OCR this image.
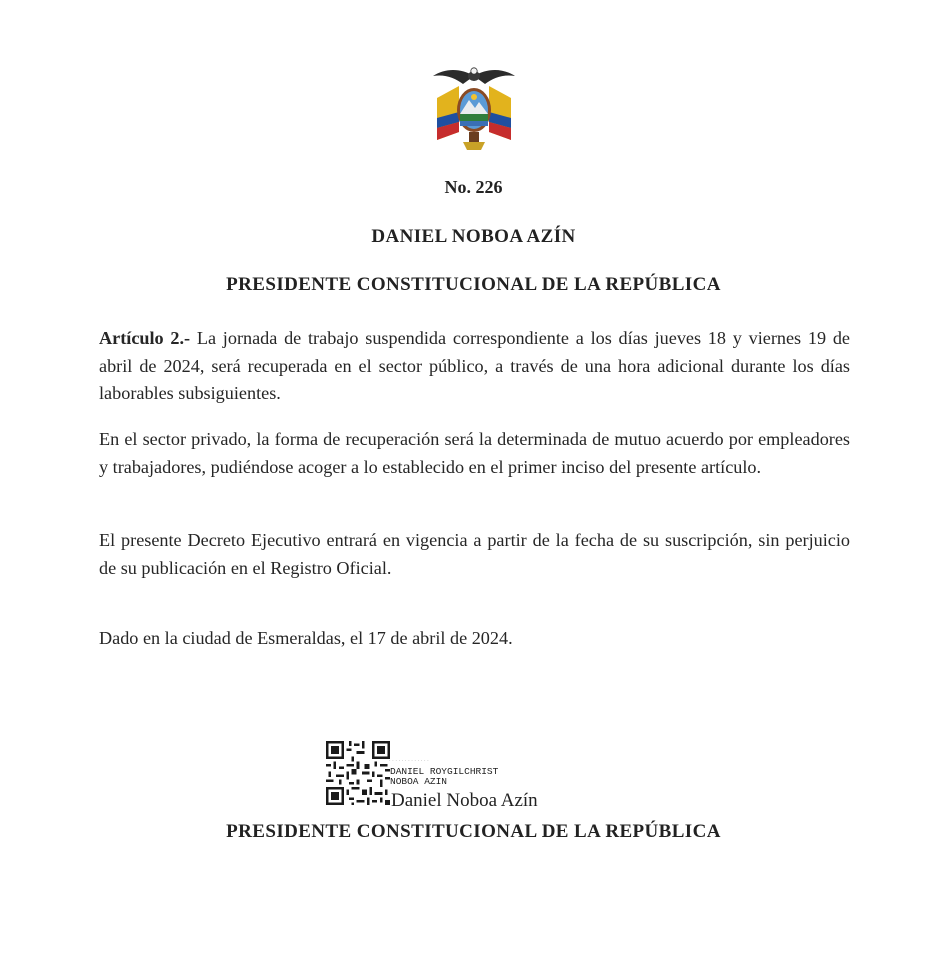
No. 226
DANIEL NOBOA AZÍN
PRESIDENTE CONSTITUCIONAL DE LA REPÚBLICA
Artículo 2.- La jornada de trabajo suspendida correspondiente a los días jueves 18 y viernes 19 de abril de 2024, será recuperada en el sector público, a través de una hora adicional durante los días laborables subsiguientes.
En el sector privado, la forma de recuperación será la determinada de mutuo acuerdo por empleadores y trabajadores, pudiéndose acoger a lo establecido en el primer inciso del presente artículo.
El presente Decreto Ejecutivo entrará en vigencia a partir de la fecha de su suscripción, sin perjuicio de su publicación en el Registro Oficial.
Dado en la ciudad de Esmeraldas, el 17 de abril de 2024.
· · · · · · · · · · · · ·
DANIEL ROYGILCHRIST
NOBOA AZIN
Daniel Noboa Azín
PRESIDENTE CONSTITUCIONAL DE LA REPÚBLICA
